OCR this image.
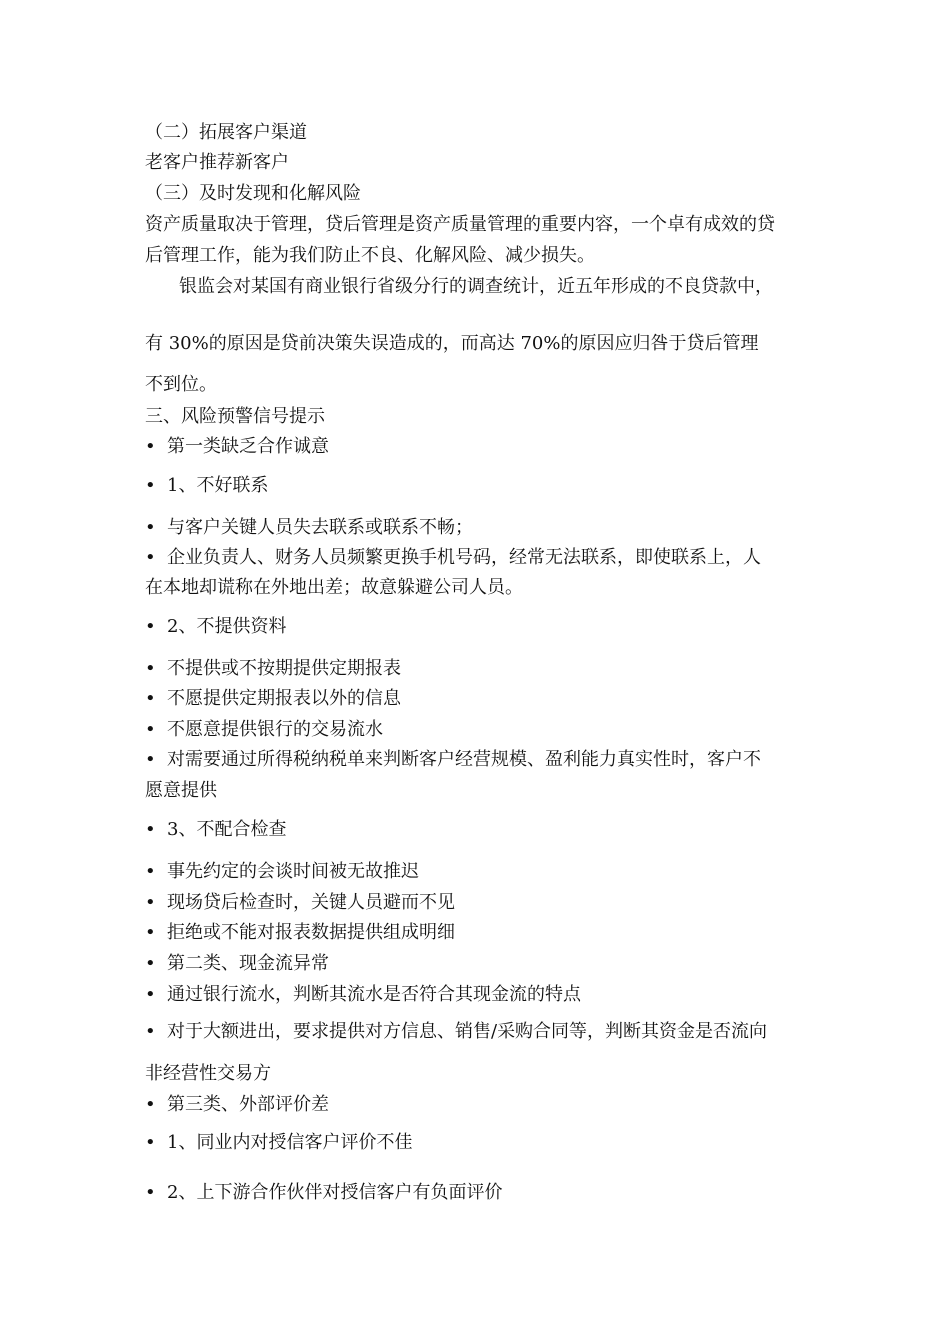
（二）拓展客户渠道
老客户推荐新客户
（三）及时发现和化解风险
资产质量取决于管理，贷后管理是资产质量管理的重要内容，一个卓有成效的贷
后管理工作，能为我们防止不良、化解风险、减少损失。
银监会对某国有商业银行省级分行的调查统计，近五年形成的不良贷款中，
有 30%的原因是贷前决策失误造成的，而高达 70%的原因应归咎于贷后管理
不到位。
三、风险预警信号提示
• 第一类缺乏合作诚意
• 1、不好联系
• 与客户关键人员失去联系或联系不畅；
• 企业负责人、财务人员频繁更换手机号码，经常无法联系，即使联系上，人
在本地却谎称在外地出差；故意躲避公司人员。
• 2、不提供资料
• 不提供或不按期提供定期报表
• 不愿提供定期报表以外的信息
• 不愿意提供银行的交易流水
• 对需要通过所得税纳税单来判断客户经营规模、盈利能力真实性时，客户不
愿意提供
• 3、不配合检查
• 事先约定的会谈时间被无故推迟
• 现场贷后检查时，关键人员避而不见
• 拒绝或不能对报表数据提供组成明细
• 第二类、现金流异常
• 通过银行流水，判断其流水是否符合其现金流的特点
• 对于大额进出，要求提供对方信息、销售/采购合同等，判断其资金是否流向
非经营性交易方
• 第三类、外部评价差
• 1、同业内对授信客户评价不佳
• 2、上下游合作伙伴对授信客户有负面评价
